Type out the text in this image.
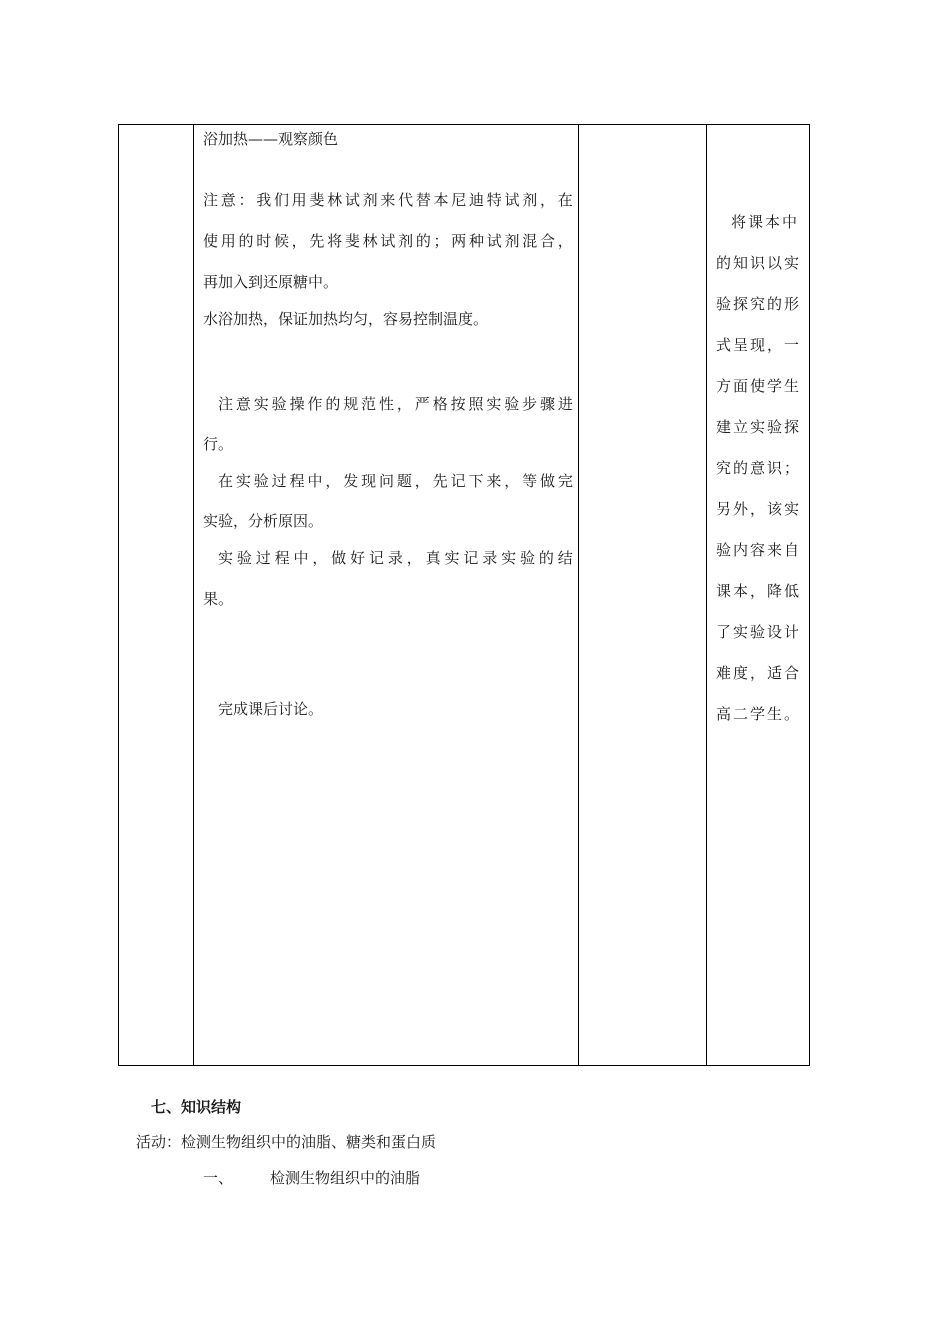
浴加热——观察颜色
注 意 ： 我 们 用 斐 林 试 剂 来 代 替 本 尼 迪 特 试 剂 ， 在
使 用 的 时 候 ， 先 将 斐 林 试 剂 的 ； 两 种 试 剂 混 合 ，
再加入到还原糖中。
水浴加热，保证加热均匀，容易控制温度。
注 意 实 验 操 作 的 规 范 性 ， 严 格 按 照 实 验 步 骤 进
行。
在 实 验 过 程 中 ， 发 现 问 题 ， 先 记 下 来 ， 等 做 完
实验，分析原因。
实 验 过 程 中 ， 做 好 记 录 ， 真 实 记 录 实 验 的 结
果。
完成课后讨论。
将课本中
的知识以实
验探究的形
式呈现，一
方面使学生
建立实验探
究的意识；
另外，该实
验内容来自
课本，降低
了实验设计
难度，适合
高二学生。
七、知识结构
活动：检测生物组织中的油脂、糖类和蛋白质
一、 检测生物组织中的油脂
